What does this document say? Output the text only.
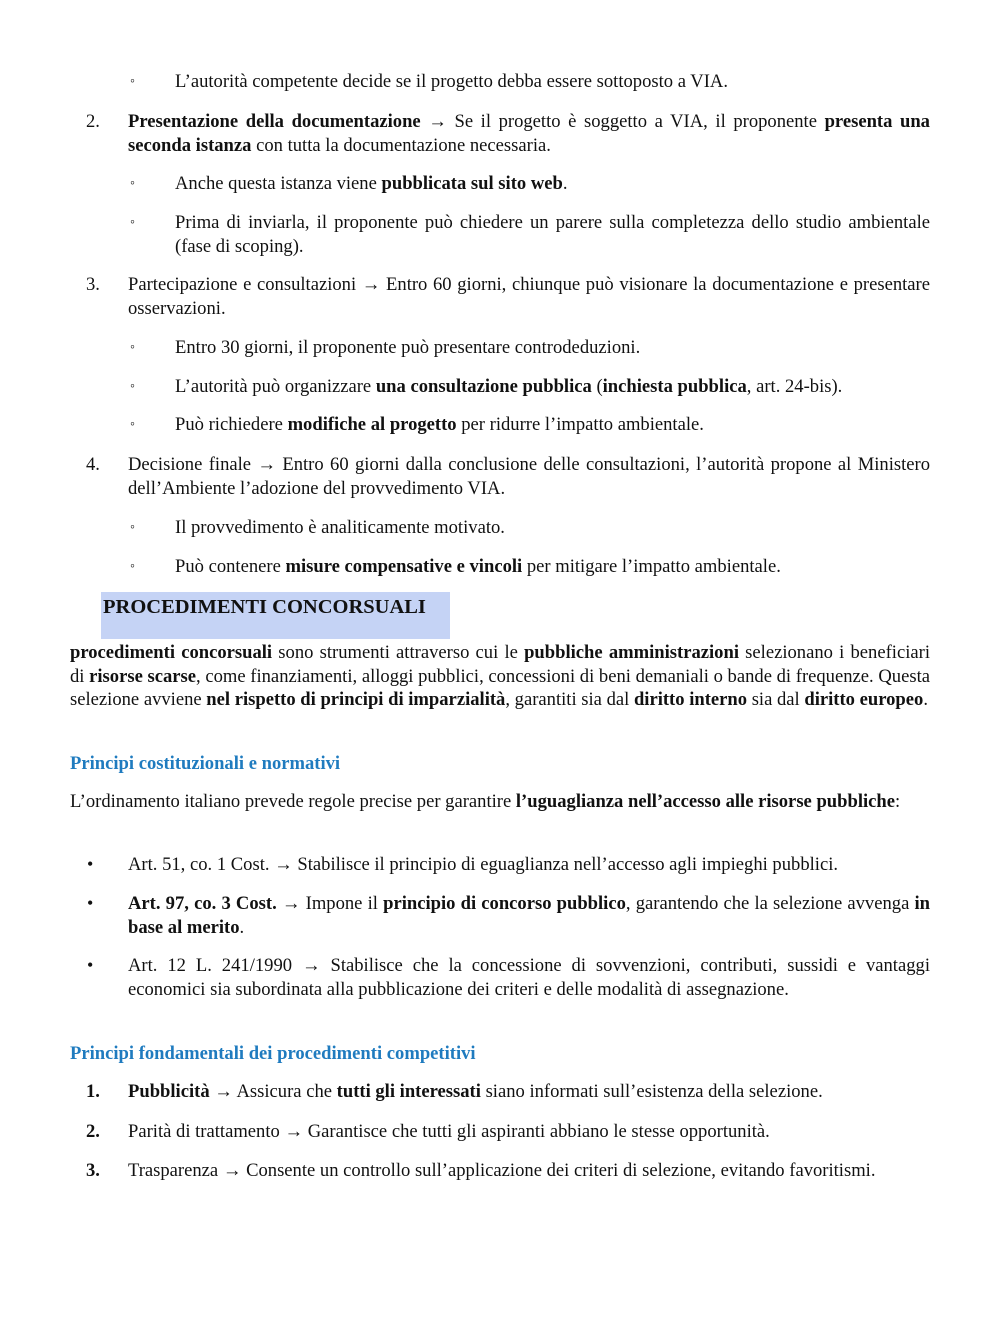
◦ L’autorità competente decide se il progetto debba essere sottoposto a VIA.
2. Presentazione della documentazione → Se il progetto è soggetto a VIA, il proponente presenta una seconda istanza con tutta la documentazione necessaria.
◦ Anche questa istanza viene pubblicata sul sito web.
◦ Prima di inviarla, il proponente può chiedere un parere sulla completezza dello studio ambientale (fase di scoping).
3. Partecipazione e consultazioni → Entro 60 giorni, chiunque può visionare la documentazione e presentare osservazioni.
◦ Entro 30 giorni, il proponente può presentare controdeduzioni.
◦ L’autorità può organizzare una consultazione pubblica (inchiesta pubblica, art. 24-bis).
◦ Può richiedere modifiche al progetto per ridurre l’impatto ambientale.
4. Decisione finale → Entro 60 giorni dalla conclusione delle consultazioni, l’autorità propone al Ministero dell’Ambiente l’adozione del provvedimento VIA.
◦ Il provvedimento è analiticamente motivato.
◦ Può contenere misure compensative e vincoli per mitigare l’impatto ambientale.
PROCEDIMENTI CONCORSUALI
procedimenti concorsuali sono strumenti attraverso cui le pubbliche amministrazioni selezionano i beneficiari di risorse scarse, come finanziamenti, alloggi pubblici, concessioni di beni demaniali o bande di frequenze. Questa selezione avviene nel rispetto di principi di imparzialità, garantiti sia dal diritto interno sia dal diritto europeo.
Principi costituzionali e normativi
L’ordinamento italiano prevede regole precise per garantire l’uguaglianza nell’accesso alle risorse pubbliche:
• Art. 51, co. 1 Cost. → Stabilisce il principio di eguaglianza nell’accesso agli impieghi pubblici.
• Art. 97, co. 3 Cost. → Impone il principio di concorso pubblico, garantendo che la selezione avvenga in base al merito.
• Art. 12 L. 241/1990 → Stabilisce che la concessione di sovvenzioni, contributi, sussidi e vantaggi economici sia subordinata alla pubblicazione dei criteri e delle modalità di assegnazione.
Principi fondamentali dei procedimenti competitivi
1. Pubblicità → Assicura che tutti gli interessati siano informati sull’esistenza della selezione.
2. Parità di trattamento → Garantisce che tutti gli aspiranti abbiano le stesse opportunità.
3. Trasparenza → Consente un controllo sull’applicazione dei criteri di selezione, evitando favoritismi.
